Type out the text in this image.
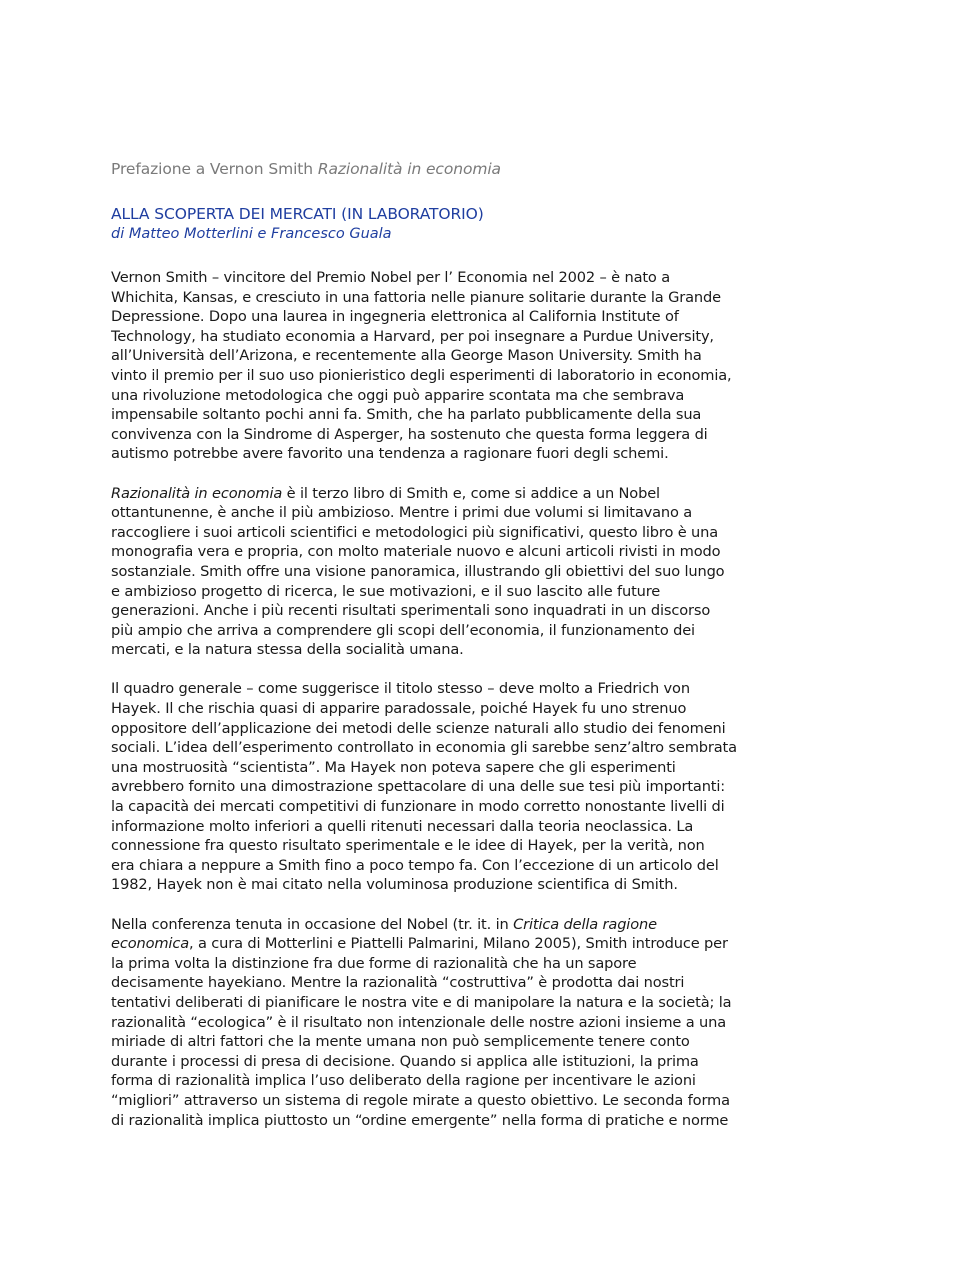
Prefazione a Vernon Smith Razionalità in economia
ALLA SCOPERTA DEI MERCATI (IN LABORATORIO)
di Matteo Motterlini e Francesco Guala
Vernon Smith – vincitore del Premio Nobel per l’ Economia nel 2002 – è nato a
Whichita, Kansas, e cresciuto in una fattoria nelle pianure solitarie durante la Grande
Depressione. Dopo una laurea in ingegneria elettronica al California Institute of
Technology, ha studiato economia a Harvard, per poi insegnare a Purdue University,
all’Università dell’Arizona, e recentemente alla George Mason University. Smith ha
vinto il premio per il suo uso pionieristico degli esperimenti di laboratorio in economia,
una rivoluzione metodologica che oggi può apparire scontata ma che sembrava
impensabile soltanto pochi anni fa. Smith, che ha parlato pubblicamente della sua
convivenza con la Sindrome di Asperger, ha sostenuto che questa forma leggera di
autismo potrebbe avere favorito una tendenza a ragionare fuori degli schemi.
Razionalità in economia è il terzo libro di Smith e, come si addice a un Nobel
ottantunenne, è anche il più ambizioso. Mentre i primi due volumi si limitavano a
raccogliere i suoi articoli scientifici e metodologici più significativi, questo libro è una
monografia vera e propria, con molto materiale nuovo e alcuni articoli rivisti in modo
sostanziale. Smith offre una visione panoramica, illustrando gli obiettivi del suo lungo
e ambizioso progetto di ricerca, le sue motivazioni, e il suo lascito alle future
generazioni. Anche i più recenti risultati sperimentali sono inquadrati in un discorso
più ampio che arriva a comprendere gli scopi dell’economia, il funzionamento dei
mercati, e la natura stessa della socialità umana.
Il quadro generale – come suggerisce il titolo stesso – deve molto a Friedrich von
Hayek. Il che rischia quasi di apparire paradossale, poiché Hayek fu uno strenuo
oppositore dell’applicazione dei metodi delle scienze naturali allo studio dei fenomeni
sociali. L’idea dell’esperimento controllato in economia gli sarebbe senz’altro sembrata
una mostruosità “scientista”. Ma Hayek non poteva sapere che gli esperimenti
avrebbero fornito una dimostrazione spettacolare di una delle sue tesi più importanti:
la capacità dei mercati competitivi di funzionare in modo corretto nonostante livelli di
informazione molto inferiori a quelli ritenuti necessari dalla teoria neoclassica. La
connessione fra questo risultato sperimentale e le idee di Hayek, per la verità, non
era chiara a neppure a Smith fino a poco tempo fa. Con l’eccezione di un articolo del
1982, Hayek non è mai citato nella voluminosa produzione scientifica di Smith.
Nella conferenza tenuta in occasione del Nobel (tr. it. in Critica della ragione
economica, a cura di Motterlini e Piattelli Palmarini, Milano 2005), Smith introduce per
la prima volta la distinzione fra due forme di razionalità che ha un sapore
decisamente hayekiano. Mentre la razionalità “costruttiva” è prodotta dai nostri
tentativi deliberati di pianificare le nostra vite e di manipolare la natura e la società; la
razionalità “ecologica” è il risultato non intenzionale delle nostre azioni insieme a una
miriade di altri fattori che la mente umana non può semplicemente tenere conto
durante i processi di presa di decisione. Quando si applica alle istituzioni, la prima
forma di razionalità implica l’uso deliberato della ragione per incentivare le azioni
“migliori” attraverso un sistema di regole mirate a questo obiettivo. Le seconda forma
di razionalità implica piuttosto un “ordine emergente” nella forma di pratiche e norme
